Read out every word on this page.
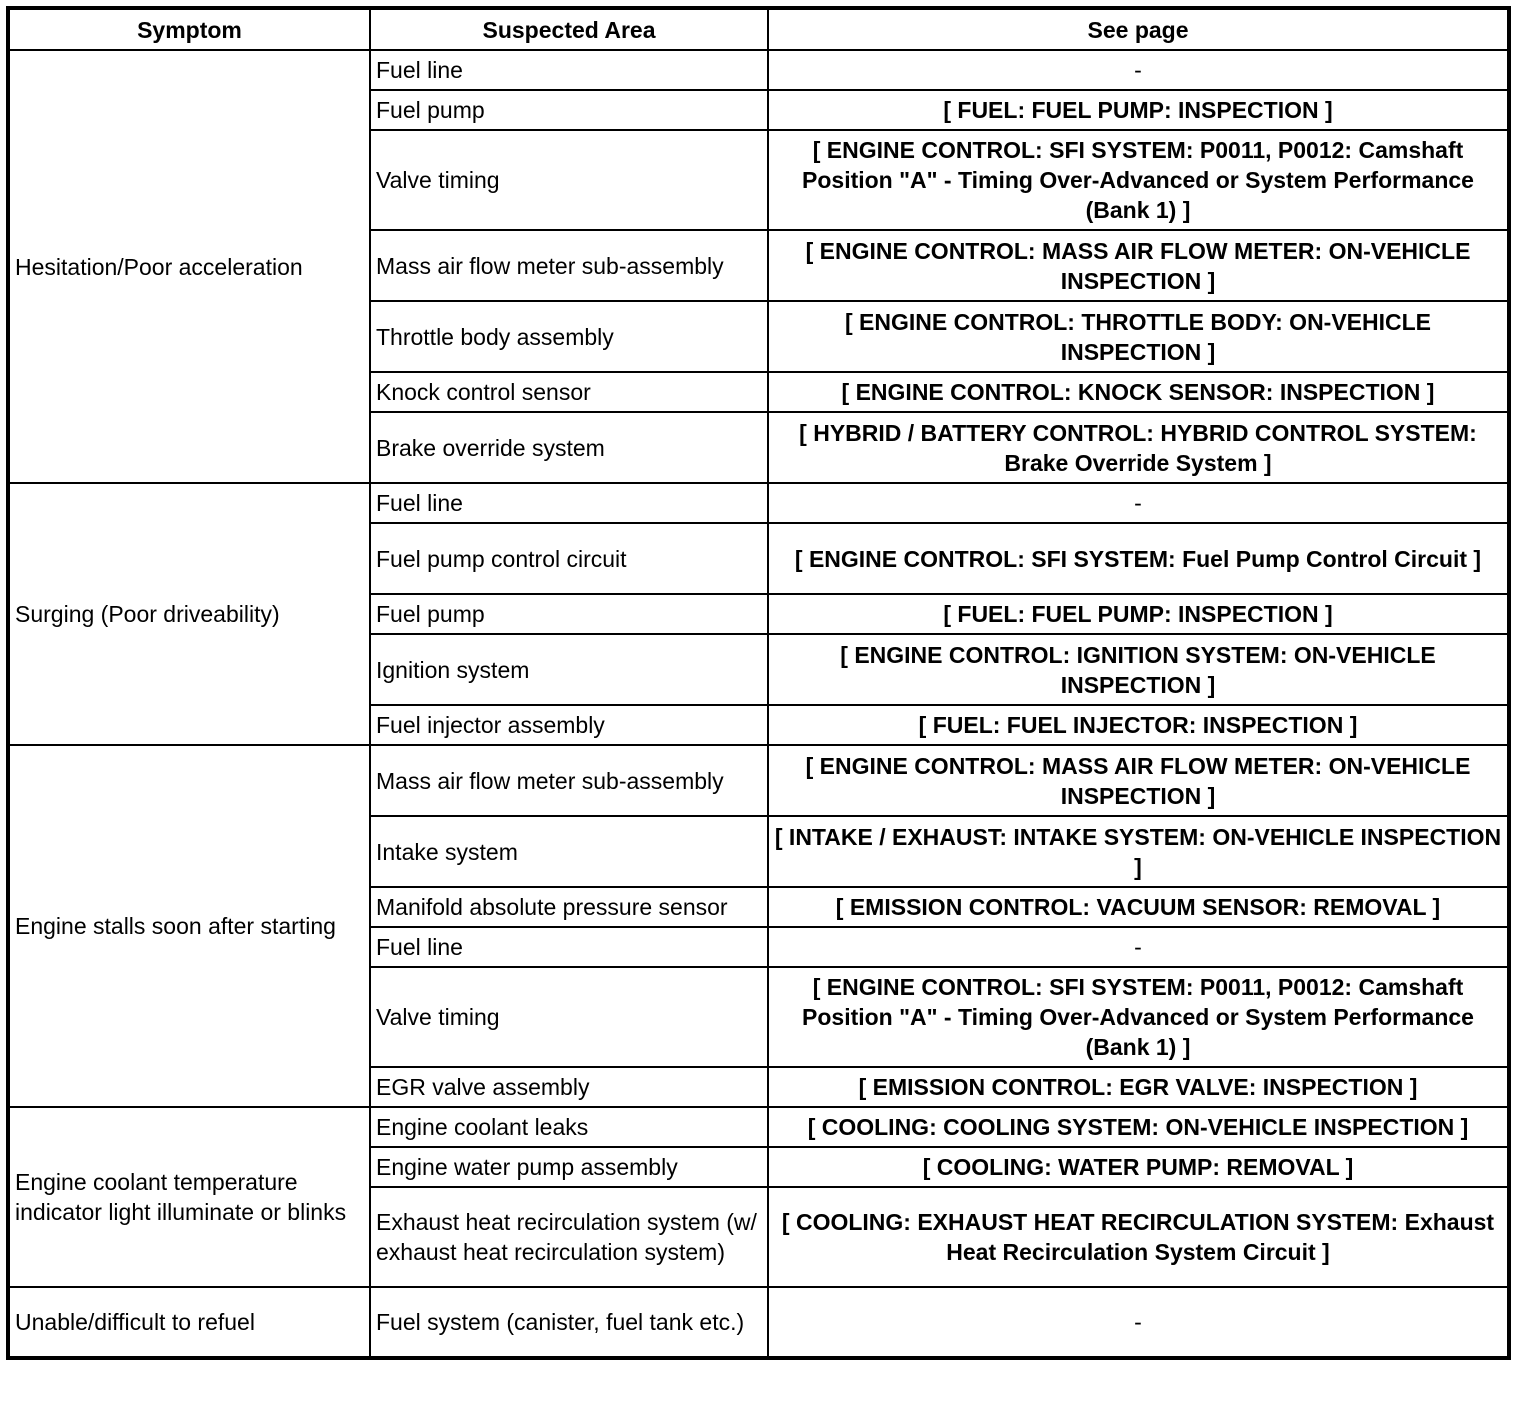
Symptom	Suspected Area	See page
Hesitation/Poor acceleration	Fuel line	-
	Fuel pump	[ FUEL: FUEL PUMP: INSPECTION ]
	Valve timing	[ ENGINE CONTROL: SFI SYSTEM: P0011, P0012: Camshaft Position "A" - Timing Over-Advanced or System Performance (Bank 1) ]
	Mass air flow meter sub-assembly	[ ENGINE CONTROL: MASS AIR FLOW METER: ON-VEHICLE INSPECTION ]
	Throttle body assembly	[ ENGINE CONTROL: THROTTLE BODY: ON-VEHICLE INSPECTION ]
	Knock control sensor	[ ENGINE CONTROL: KNOCK SENSOR: INSPECTION ]
	Brake override system	[ HYBRID / BATTERY CONTROL: HYBRID CONTROL SYSTEM: Brake Override System ]
Surging (Poor driveability)	Fuel line	-
	Fuel pump control circuit	[ ENGINE CONTROL: SFI SYSTEM: Fuel Pump Control Circuit ]
	Fuel pump	[ FUEL: FUEL PUMP: INSPECTION ]
	Ignition system	[ ENGINE CONTROL: IGNITION SYSTEM: ON-VEHICLE INSPECTION ]
	Fuel injector assembly	[ FUEL: FUEL INJECTOR: INSPECTION ]
Engine stalls soon after starting	Mass air flow meter sub-assembly	[ ENGINE CONTROL: MASS AIR FLOW METER: ON-VEHICLE INSPECTION ]
	Intake system	[ INTAKE / EXHAUST: INTAKE SYSTEM: ON-VEHICLE INSPECTION ]
	Manifold absolute pressure sensor	[ EMISSION CONTROL: VACUUM SENSOR: REMOVAL ]
	Fuel line	-
	Valve timing	[ ENGINE CONTROL: SFI SYSTEM: P0011, P0012: Camshaft Position "A" - Timing Over-Advanced or System Performance (Bank 1) ]
	EGR valve assembly	[ EMISSION CONTROL: EGR VALVE: INSPECTION ]
Engine coolant temperature indicator light illuminate or blinks	Engine coolant leaks	[ COOLING: COOLING SYSTEM: ON-VEHICLE INSPECTION ]
	Engine water pump assembly	[ COOLING: WATER PUMP: REMOVAL ]
	Exhaust heat recirculation system (w/ exhaust heat recirculation system)	[ COOLING: EXHAUST HEAT RECIRCULATION SYSTEM: Exhaust Heat Recirculation System Circuit ]
Unable/difficult to refuel	Fuel system (canister, fuel tank etc.)	-
